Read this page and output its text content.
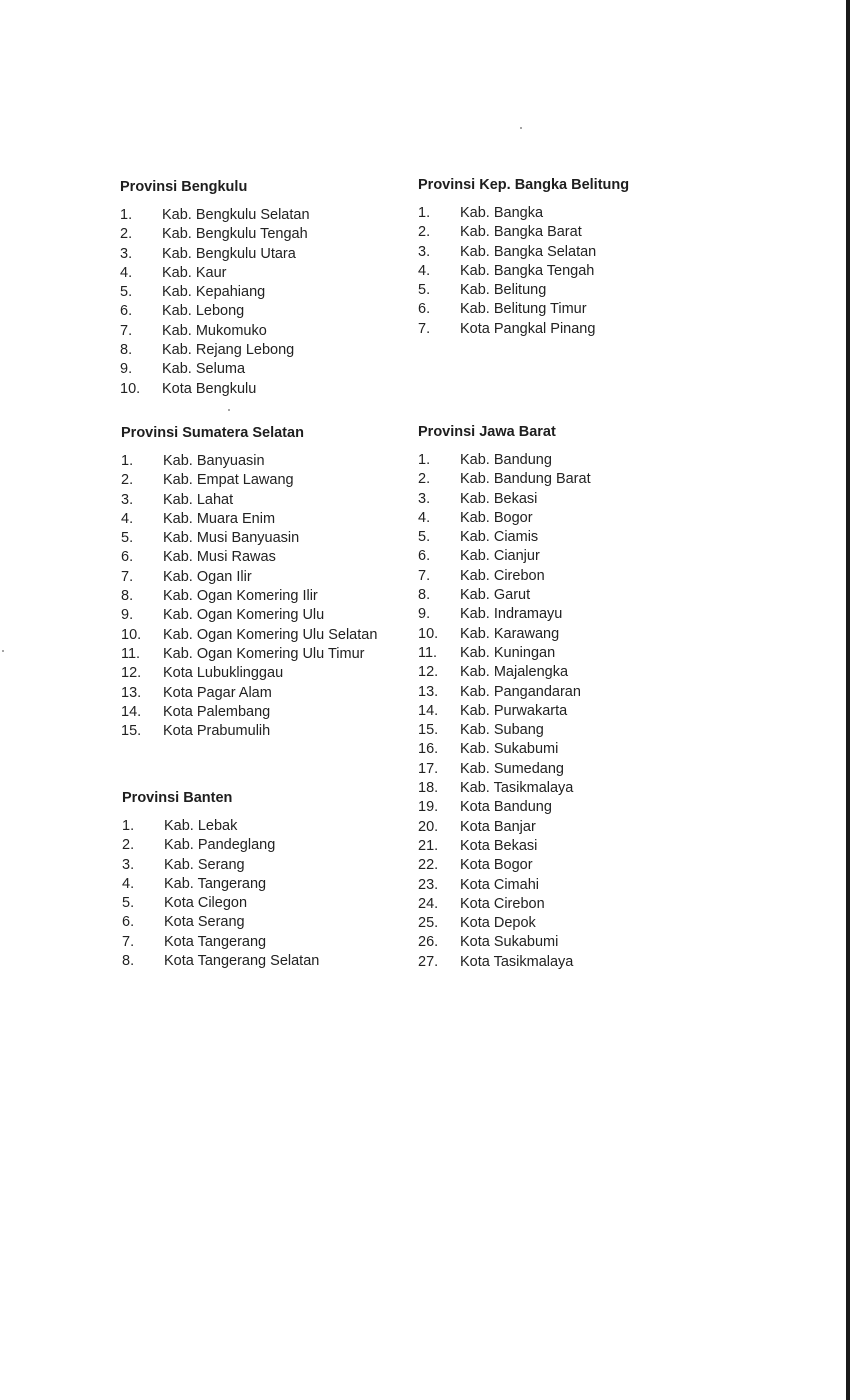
Provinsi Bengkulu
1.	Kab. Bengkulu Selatan
2.	Kab. Bengkulu Tengah
3.	Kab. Bengkulu Utara
4.	Kab. Kaur
5.	Kab. Kepahiang
6.	Kab. Lebong
7.	Kab. Mukomuko
8.	Kab. Rejang Lebong
9.	Kab. Seluma
10.	Kota Bengkulu
Provinsi Kep. Bangka Belitung
1.	Kab. Bangka
2.	Kab. Bangka Barat
3.	Kab. Bangka Selatan
4.	Kab. Bangka Tengah
5.	Kab. Belitung
6.	Kab. Belitung Timur
7.	Kota Pangkal Pinang
Provinsi Sumatera Selatan
1.	Kab. Banyuasin
2.	Kab. Empat Lawang
3.	Kab. Lahat
4.	Kab. Muara Enim
5.	Kab. Musi Banyuasin
6.	Kab. Musi Rawas
7.	Kab. Ogan Ilir
8.	Kab. Ogan Komering Ilir
9.	Kab. Ogan Komering Ulu
10.	Kab. Ogan Komering Ulu Selatan
11.	Kab. Ogan Komering Ulu Timur
12.	Kota Lubuklinggau
13.	Kota Pagar Alam
14.	Kota Palembang
15.	Kota Prabumulih
Provinsi Jawa Barat
1.	Kab. Bandung
2.	Kab. Bandung Barat
3.	Kab. Bekasi
4.	Kab. Bogor
5.	Kab. Ciamis
6.	Kab. Cianjur
7.	Kab. Cirebon
8.	Kab. Garut
9.	Kab. Indramayu
10.	Kab. Karawang
11.	Kab. Kuningan
12.	Kab. Majalengka
13.	Kab. Pangandaran
14.	Kab. Purwakarta
15.	Kab. Subang
16.	Kab. Sukabumi
17.	Kab. Sumedang
18.	Kab. Tasikmalaya
19.	Kota Bandung
20.	Kota Banjar
21.	Kota Bekasi
22.	Kota Bogor
23.	Kota Cimahi
24.	Kota Cirebon
25.	Kota Depok
26.	Kota Sukabumi
27.	Kota Tasikmalaya
Provinsi Banten
1.	Kab. Lebak
2.	Kab. Pandeglang
3.	Kab. Serang
4.	Kab. Tangerang
5.	Kota Cilegon
6.	Kota Serang
7.	Kota Tangerang
8.	Kota Tangerang Selatan
